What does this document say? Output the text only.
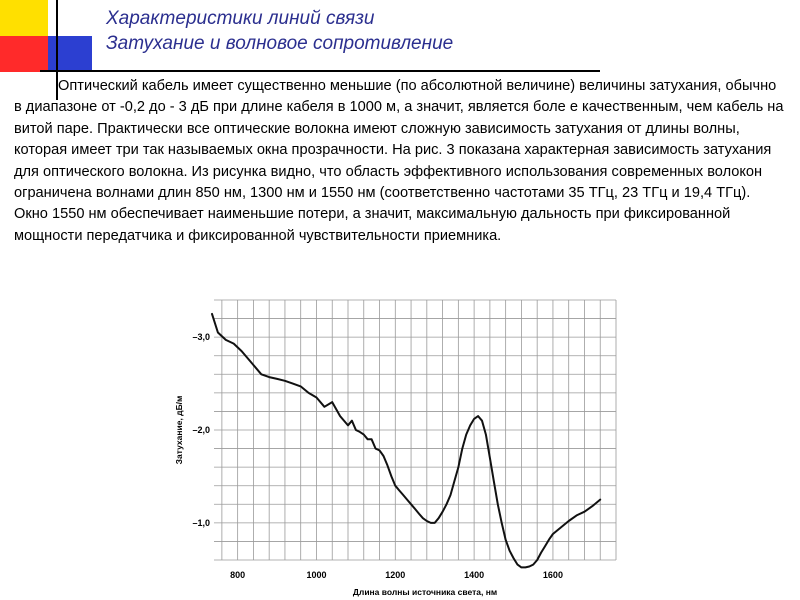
Характеристики линий связи
Затухание и волновое сопротивление
Оптический кабель имеет существенно меньшие (по абсолютной величине) величины затухания, обычно в диапазоне от -0,2 до - 3 дБ при длине кабеля в 1000 м, а значит, является боле е качественным, чем кабель на витой паре. Практически все оптические волокна имеют сложную зависимость затухания от длины волны, которая имеет три так называемых окна прозрачности. На рис. 3 показана характерная зависимость затухания для оптического волокна. Из рисунка видно, что область эффективного использования современных волокон ограничена волнами длин 850 нм, 1300 нм и 1550 нм (соответственно частотами 35 ТГц, 23 ТГц и 19,4 ТГц). Окно 1550 нм обеспечивает наименьшие потери, а значит, максимальную дальность при фиксированной мощности передатчика и фиксированной чувствительности приемника.
800	1000	1200	1400	1600
–3,0
–2,0
–1,0
Длина волны источника света, нм
Затухание, дБ/м
